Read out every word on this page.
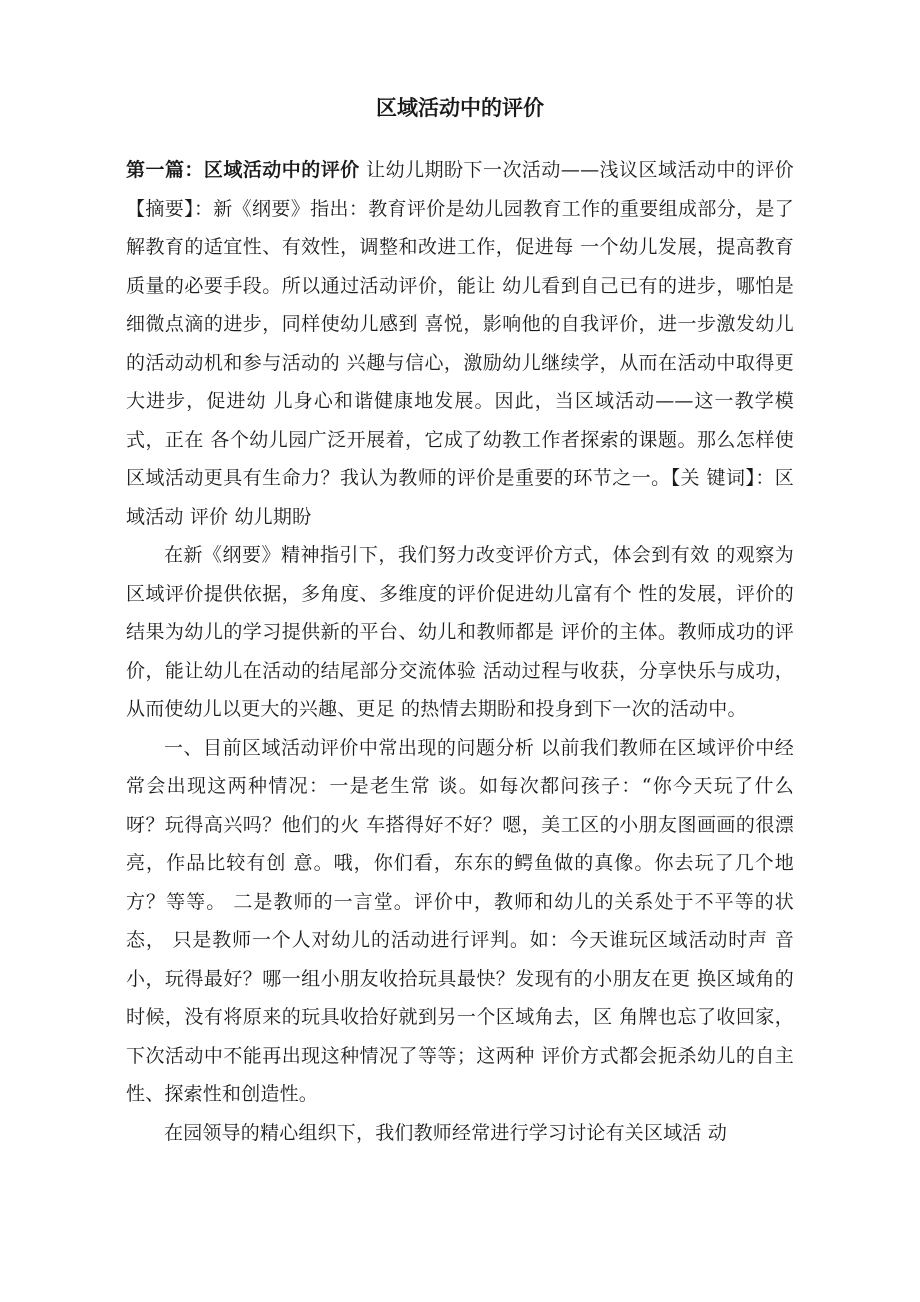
区域活动中的评价

第一篇：区域活动中的评价 让幼儿期盼下一次活动——浅议区域活动中的评价 【摘要】：新《纲要》指出：教育评价是幼儿园教育工作的重要组成部分，是了解教育的适宜性、有效性，调整和改进工作，促进每 一个幼儿发展，提高教育质量的必要手段。所以通过活动评价，能让 幼儿看到自己已有的进步，哪怕是细微点滴的进步，同样使幼儿感到 喜悦，影响他的自我评价，进一步激发幼儿的活动动机和参与活动的 兴趣与信心，激励幼儿继续学，从而在活动中取得更大进步，促进幼 儿身心和谐健康地发展。因此，当区域活动——这一教学模式，正在 各个幼儿园广泛开展着，它成了幼教工作者探索的课题。那么怎样使 区域活动更具有生命力？我认为教师的评价是重要的环节之一。【关 键词】：区域活动 评价 幼儿期盼

在新《纲要》精神指引下，我们努力改变评价方式，体会到有效 的观察为区域评价提供依据，多角度、多维度的评价促进幼儿富有个 性的发展，评价的结果为幼儿的学习提供新的平台、幼儿和教师都是 评价的主体。教师成功的评价，能让幼儿在活动的结尾部分交流体验 活动过程与收获，分享快乐与成功，从而使幼儿以更大的兴趣、更足 的热情去期盼和投身到下一次的活动中。

一、目前区域活动评价中常出现的问题分析 以前我们教师在区域评价中经常会出现这两种情况：一是老生常 谈。如每次都问孩子：“你今天玩了什么呀？玩得高兴吗？他们的火 车搭得好不好？嗯，美工区的小朋友图画画的很漂亮，作品比较有创 意。哦，你们看，东东的鳄鱼做的真像。你去玩了几个地方？等等。 二是教师的一言堂。评价中，教师和幼儿的关系处于不平等的状态， 只是教师一个人对幼儿的活动进行评判。如：今天谁玩区域活动时声 音小，玩得最好？哪一组小朋友收拾玩具最快？发现有的小朋友在更 换区域角的时候，没有将原来的玩具收拾好就到另一个区域角去，区 角牌也忘了收回家，下次活动中不能再出现这种情况了等等；这两种 评价方式都会扼杀幼儿的自主性、探索性和创造性。

在园领导的精心组织下，我们教师经常进行学习讨论有关区域活 动
